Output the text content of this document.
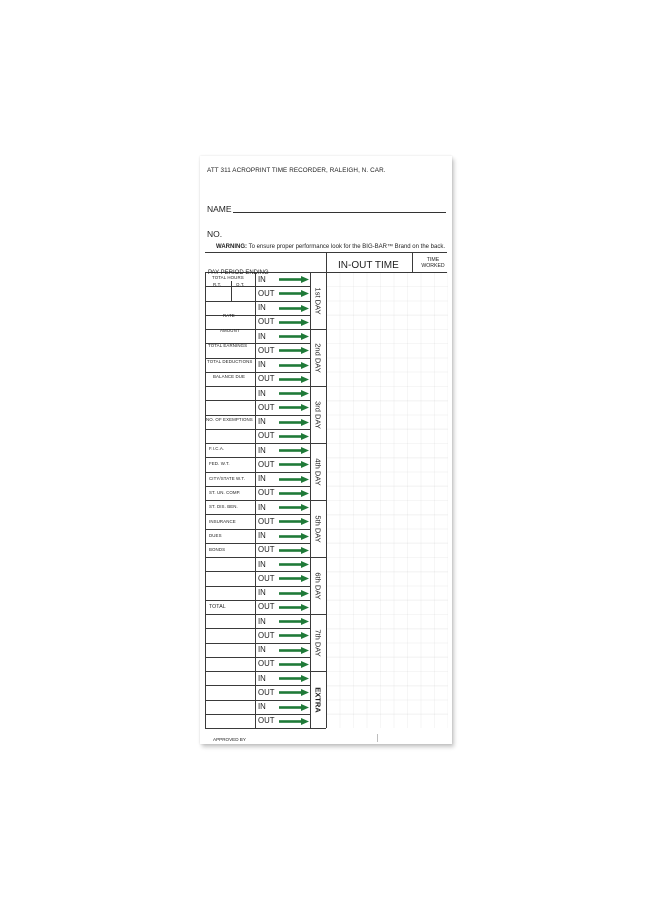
ATT 311 ACROPRINT TIME RECORDER, RALEIGH, N. CAR.
NAME
NO.
WARNING: To ensure proper performance look for the BIG-BAR™ Brand on the back.
PAY PERIOD ENDING
IN-OUT TIME	TIME WORKED
IN
OUT
IN
OUT
IN
OUT
IN
OUT
IN
OUT
IN
OUT
IN
OUT
IN
OUT
IN
OUT
IN
OUT
IN
OUT
IN
OUT
IN
OUT
IN
OUT
IN
OUT
IN
OUT
1st DAY
2nd DAY
3rd DAY
4th DAY
5th DAY
6th DAY
7th DAY
EXTRA
TOTAL HOURS
R.T.	O.T.
RATE
AMOUNT
TOTAL EARNINGS
TOTAL DEDUCTIONS
BALANCE DUE
NO. OF EXEMPTIONS
F.I.C.A.
FED. W.T.
CITY/STATE W.T.
ST. UN. COMP.
ST. DIS. BEN.
INSURANCE
DUES
BONDS
TOTAL
APPROVED BY
